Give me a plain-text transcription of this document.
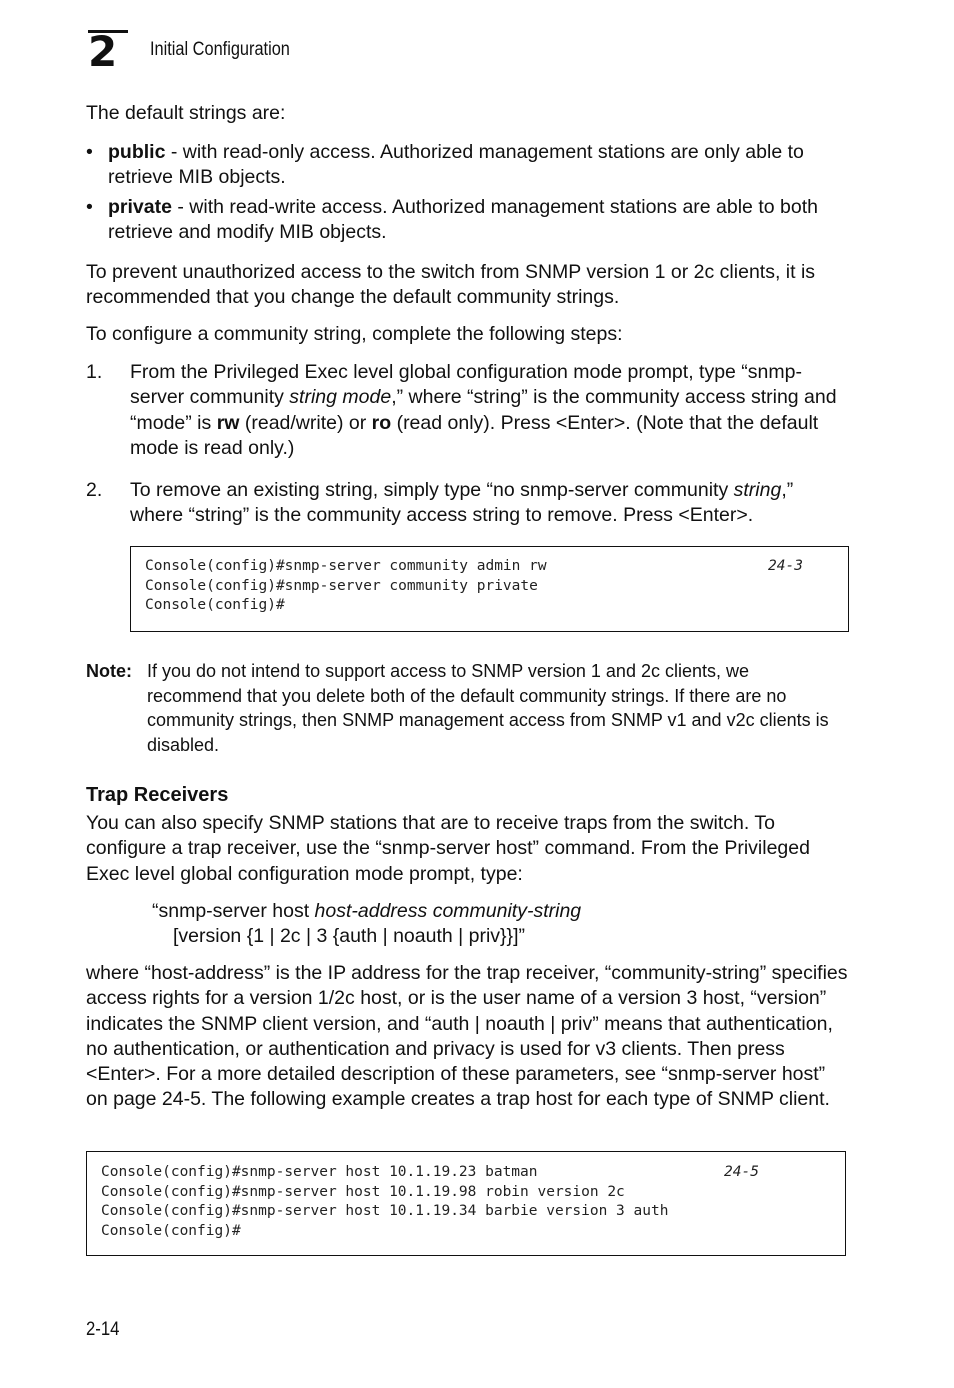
2	Initial Configuration

The default strings are:

• public - with read-only access. Authorized management stations are only able to retrieve MIB objects.
• private - with read-write access. Authorized management stations are able to both retrieve and modify MIB objects.

To prevent unauthorized access to the switch from SNMP version 1 or 2c clients, it is recommended that you change the default community strings.

To configure a community string, complete the following steps:

1. From the Privileged Exec level global configuration mode prompt, type “snmp-server community string mode,” where “string” is the community access string and “mode” is rw (read/write) or ro (read only). Press <Enter>. (Note that the default mode is read only.)
2. To remove an existing string, simply type “no snmp-server community string,” where “string” is the community access string to remove. Press <Enter>.
Console(config)#snmp-server community admin rw	24-3
Console(config)#snmp-server community private
Console(config)#
Note: If you do not intend to support access to SNMP version 1 and 2c clients, we recommend that you delete both of the default community strings. If there are no community strings, then SNMP management access from SNMP v1 and v2c clients is disabled.
Trap Receivers

You can also specify SNMP stations that are to receive traps from the switch. To configure a trap receiver, use the “snmp-server host” command. From the Privileged Exec level global configuration mode prompt, type:

“snmp-server host host-address community-string
[version {1 | 2c | 3 {auth | noauth | priv}}]”

where “host-address” is the IP address for the trap receiver, “community-string” specifies access rights for a version 1/2c host, or is the user name of a version 3 host, “version” indicates the SNMP client version, and “auth | noauth | priv” means that authentication, no authentication, or authentication and privacy is used for v3 clients. Then press <Enter>. For a more detailed description of these parameters, see “snmp-server host” on page 24-5. The following example creates a trap host for each type of SNMP client.

Console(config)#snmp-server host 10.1.19.23 batman	24-5
Console(config)#snmp-server host 10.1.19.98 robin version 2c
Console(config)#snmp-server host 10.1.19.34 barbie version 3 auth
Console(config)#
2-14
